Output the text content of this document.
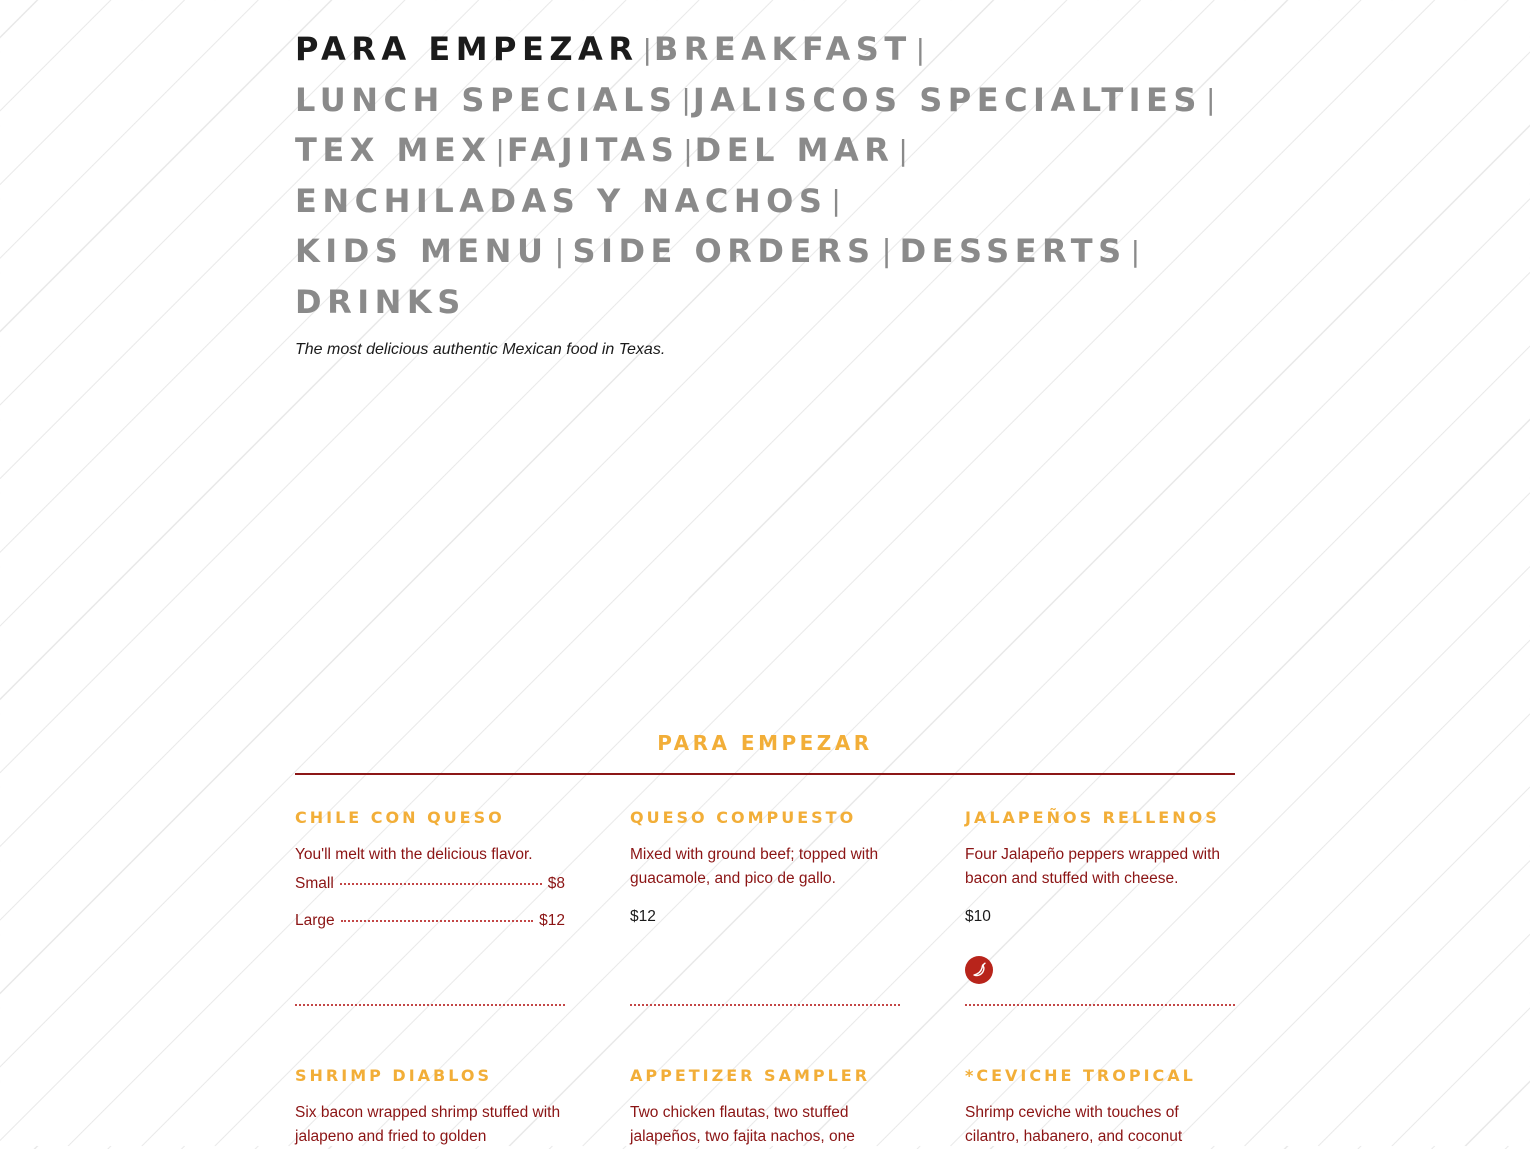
PARA EMPEZAR | BREAKFAST |
LUNCH SPECIALS | JALISCOS SPECIALTIES |
TEX MEX | FAJITAS | DEL MAR |
ENCHILADAS Y NACHOS |
KIDS MENU | SIDE ORDERS | DESSERTS |
DRINKS
The most delicious authentic Mexican food in Texas.
PARA EMPEZAR
CHILE CON QUESO
You'll melt with the delicious flavor.
Small	$8
Large	$12
QUESO COMPUESTO
Mixed with ground beef; topped with guacamole, and pico de gallo.
$12
JALAPEÑOS RELLENOS
Four Jalapeño peppers wrapped with bacon and stuffed with cheese.
$10
SHRIMP DIABLOS
Six bacon wrapped shrimp stuffed with jalapeno and fried to golden
APPETIZER SAMPLER
Two chicken flautas, two stuffed jalapeños, two fajita nachos, one
*CEVICHE TROPICAL
Shrimp ceviche with touches of cilantro, habanero, and coconut
